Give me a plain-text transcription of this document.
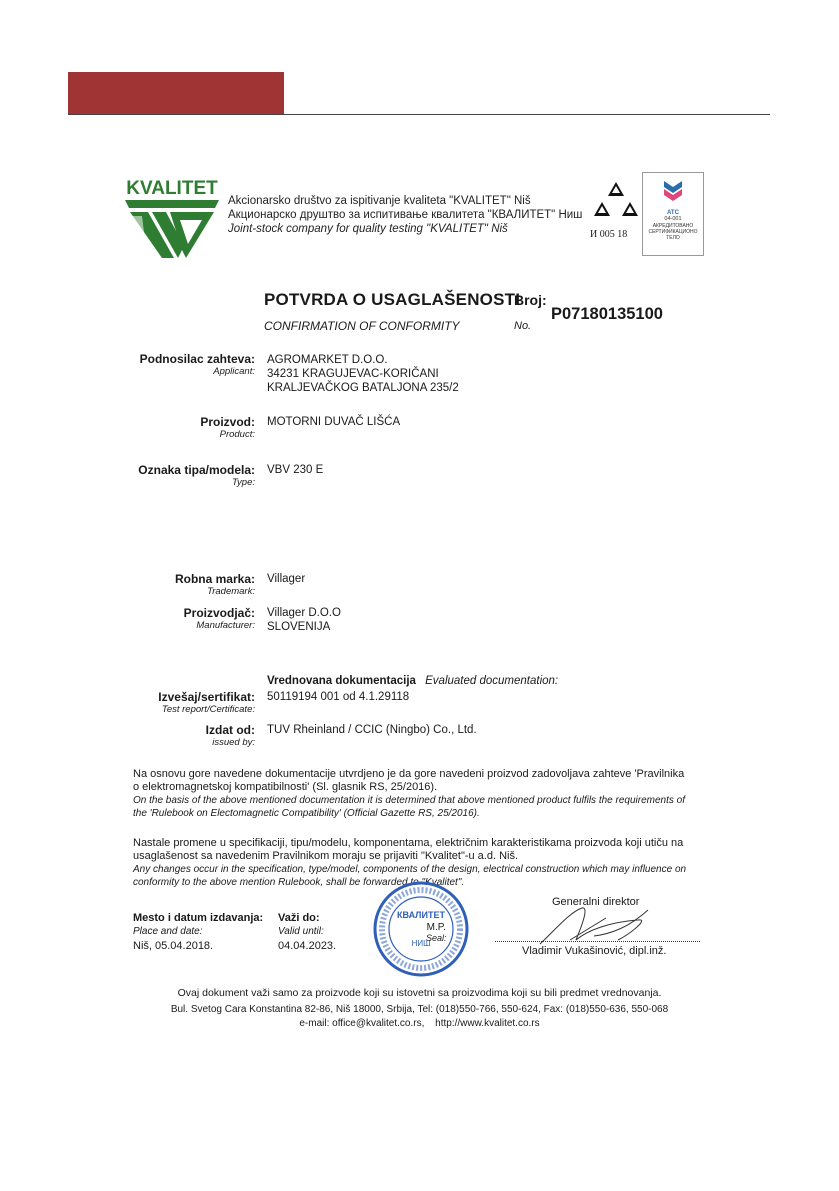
KVALITET
Akcionarsko društvo za ispitivanje kvaliteta "KVALITET" Niš
Акционарско друштво за испитивање квалитета "КВАЛИТЕТ" Ниш
Joint-stock company for quality testing "KVALITET" Niš	И 005 18
ATC
04-001
АКРЕДИТОВАНО СЕРТИФИКАЦИОНО ТЕЛО
POTVRDA O USAGLAŠENOSTI
CONFIRMATION OF CONFORMITY
Broj:
No.
P07180135100
Podnosilac zahteva:
Applicant:
AGROMARKET D.O.O.
34231 KRAGUJEVAC-KORIČANI
KRALJEVAČKOG BATALJONA 235/2
Proizvod:
Product:
MOTORNI DUVAČ LIŠĆA
Oznaka tipa/modela:
Type:
VBV 230 E
Robna marka:
Trademark:
Villager
Proizvodjač:
Manufacturer:
Villager D.O.O
SLOVENIJA
Vrednovana dokumentacija Evaluated documentation:
Izvešaj/sertifikat:
Test report/Certificate:
50119194 001 od 4.1.29118
Izdat od:
issued by:
TUV Rheinland / CCIC (Ningbo) Co., Ltd.
Na osnovu gore navedene dokumentacije utvrdjeno je da gore navedeni proizvod zadovoljava zahteve 'Pravilnika
o elektromagnetskoj kompatibilnosti' (Sl. glasnik RS, 25/2016).
On the basis of the above mentioned documentation it is determined that above mentioned product fulfils the requirements of
the 'Rulebook on Electomagnetic Compatibility' (Official Gazette RS, 25/2016).
Nastale promene u specifikaciji, tipu/modelu, komponentama, električnim karakteristikama proizvoda koji utiču na
usaglašenost sa navedenim Pravilnikom moraju se prijaviti "Kvalitet"-u a.d. Niš.
Any changes occur in the specification, type/model, components of the design, electrical construction which may influence on
conformity to the above mention Rulebook, shall be forwarded to "Kvalitet".
Mesto i datum izdavanja:
Place and date:
Niš, 05.04.2018.
Važi do:
Valid until:
04.04.2023.
КВАЛИТЕТ
НИШ
M.P.
Seal:
Generalni direktor
Vladimir Vukašinović, dipl.inž.
Ovaj dokument važi samo za proizvode koji su istovetni sa proizvodima koji su bili predmet vrednovanja.
Bul. Svetog Cara Konstantina 82-86, Niš 18000, Srbija, Tel: (018)550-766, 550-624, Fax: (018)550-636, 550-068
e-mail: office@kvalitet.co.rs, http://www.kvalitet.co.rs
